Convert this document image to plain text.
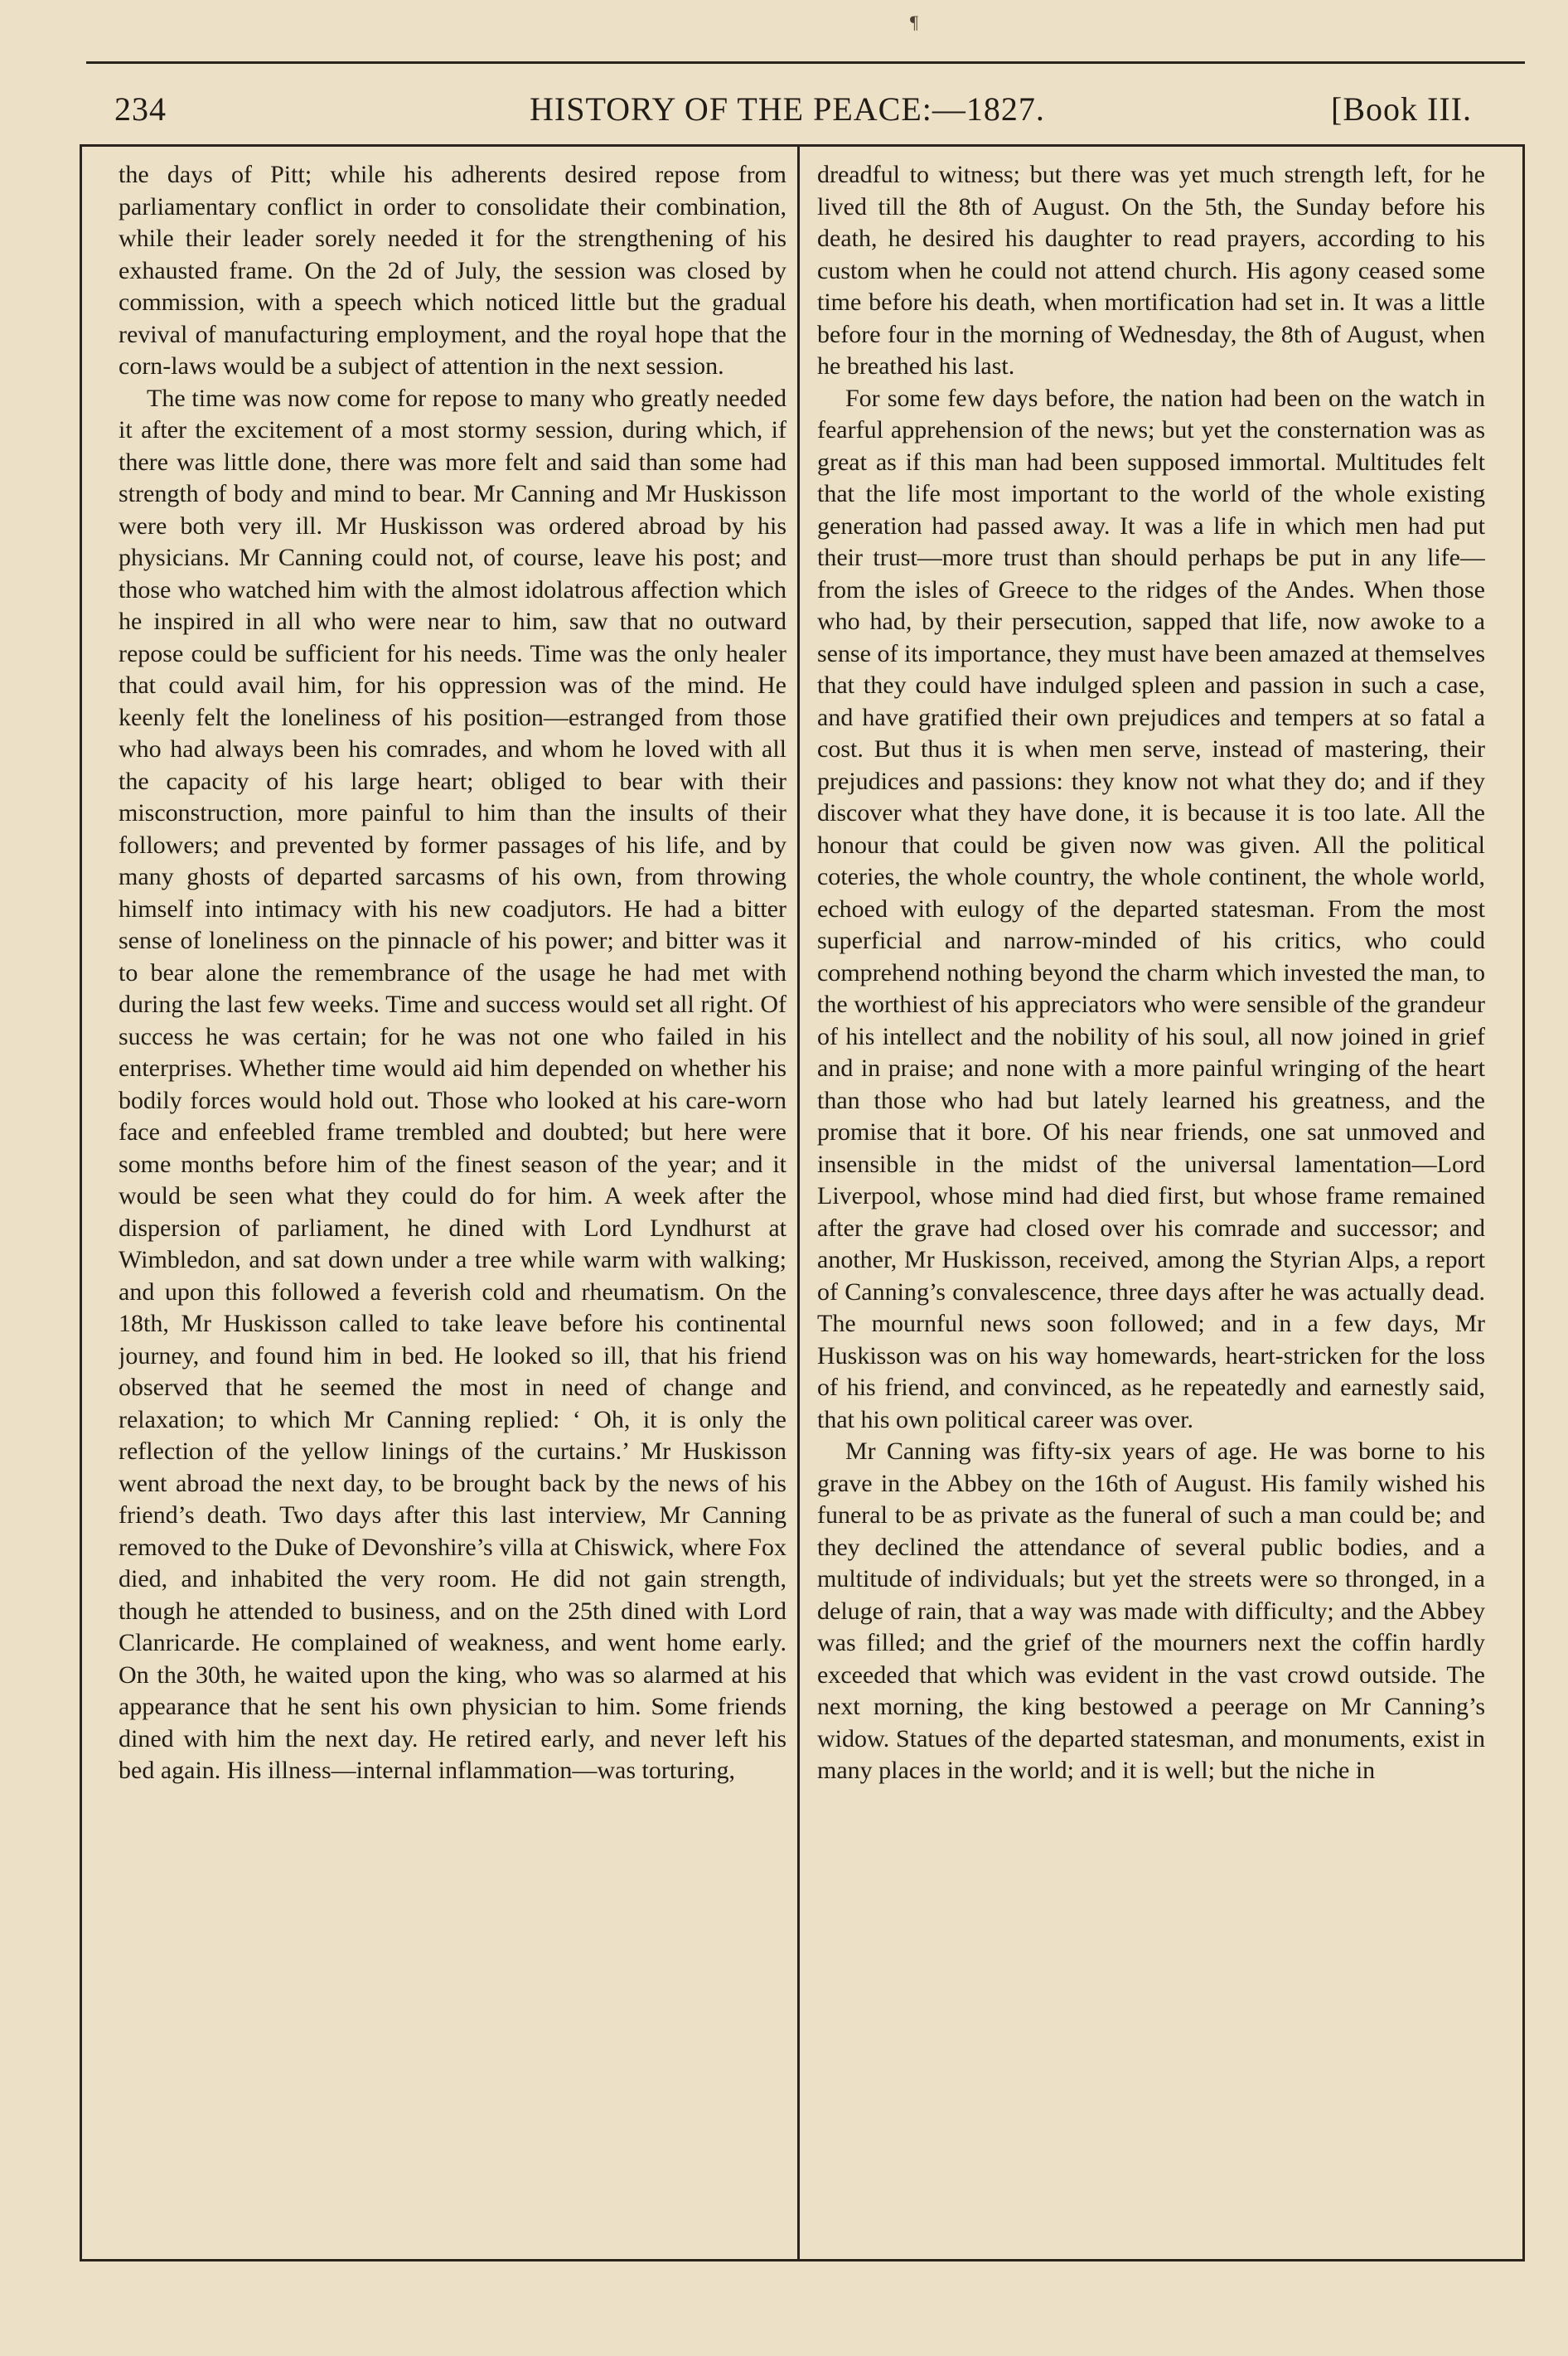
¶
234	HISTORY OF THE PEACE:—1827.	[Book III.

the days of Pitt; while his adherents desired repose from parliamentary conflict in order to consolidate their combination, while their leader sorely needed it for the strengthening of his exhausted frame. On the 2d of July, the session was closed by commission, with a speech which noticed little but the gradual revival of manufacturing employment, and the royal hope that the corn-laws would be a subject of attention in the next session.

The time was now come for repose to many who greatly needed it after the excitement of a most stormy session, during which, if there was little done, there was more felt and said than some had strength of body and mind to bear. Mr Canning and Mr Huskisson were both very ill. Mr Huskisson was ordered abroad by his physicians. Mr Canning could not, of course, leave his post; and those who watched him with the almost idolatrous affection which he inspired in all who were near to him, saw that no outward repose could be sufficient for his needs. Time was the only healer that could avail him, for his oppression was of the mind. He keenly felt the loneliness of his position—estranged from those who had always been his comrades, and whom he loved with all the capacity of his large heart; obliged to bear with their misconstruction, more painful to him than the insults of their followers; and prevented by former passages of his life, and by many ghosts of departed sarcasms of his own, from throwing himself into intimacy with his new coadjutors. He had a bitter sense of loneliness on the pinnacle of his power; and bitter was it to bear alone the remembrance of the usage he had met with during the last few weeks. Time and success would set all right. Of success he was certain; for he was not one who failed in his enterprises. Whether time would aid him depended on whether his bodily forces would hold out. Those who looked at his care-worn face and enfeebled frame trembled and doubted; but here were some months before him of the finest season of the year; and it would be seen what they could do for him. A week after the dispersion of parliament, he dined with Lord Lyndhurst at Wimbledon, and sat down under a tree while warm with walking; and upon this followed a feverish cold and rheumatism. On the 18th, Mr Huskisson called to take leave before his continental journey, and found him in bed. He looked so ill, that his friend observed that he seemed the most in need of change and relaxation; to which Mr Canning replied: ‘ Oh, it is only the reflection of the yellow linings of the curtains.’ Mr Huskisson went abroad the next day, to be brought back by the news of his friend’s death. Two days after this last interview, Mr Canning removed to the Duke of Devonshire’s villa at Chiswick, where Fox died, and inhabited the very room. He did not gain strength, though he attended to business, and on the 25th dined with Lord Clanricarde. He complained of weakness, and went home early. On the 30th, he waited upon the king, who was so alarmed at his appearance that he sent his own physician to him. Some friends dined with him the next day. He retired early, and never left his bed again. His illness—internal inflammation—was torturing,

dreadful to witness; but there was yet much strength left, for he lived till the 8th of August. On the 5th, the Sunday before his death, he desired his daughter to read prayers, according to his custom when he could not attend church. His agony ceased some time before his death, when mortification had set in. It was a little before four in the morning of Wednesday, the 8th of August, when he breathed his last.

For some few days before, the nation had been on the watch in fearful apprehension of the news; but yet the consternation was as great as if this man had been supposed immortal. Multitudes felt that the life most important to the world of the whole existing generation had passed away. It was a life in which men had put their trust—more trust than should perhaps be put in any life—from the isles of Greece to the ridges of the Andes. When those who had, by their persecution, sapped that life, now awoke to a sense of its importance, they must have been amazed at themselves that they could have indulged spleen and passion in such a case, and have gratified their own prejudices and tempers at so fatal a cost. But thus it is when men serve, instead of mastering, their prejudices and passions: they know not what they do; and if they discover what they have done, it is because it is too late. All the honour that could be given now was given. All the political coteries, the whole country, the whole continent, the whole world, echoed with eulogy of the departed statesman. From the most superficial and narrow-minded of his critics, who could comprehend nothing beyond the charm which invested the man, to the worthiest of his appreciators who were sensible of the grandeur of his intellect and the nobility of his soul, all now joined in grief and in praise; and none with a more painful wringing of the heart than those who had but lately learned his greatness, and the promise that it bore. Of his near friends, one sat unmoved and insensible in the midst of the universal lamentation—Lord Liverpool, whose mind had died first, but whose frame remained after the grave had closed over his comrade and successor; and another, Mr Huskisson, received, among the Styrian Alps, a report of Canning’s convalescence, three days after he was actually dead. The mournful news soon followed; and in a few days, Mr Huskisson was on his way homewards, heart-stricken for the loss of his friend, and convinced, as he repeatedly and earnestly said, that his own political career was over.

Mr Canning was fifty-six years of age. He was borne to his grave in the Abbey on the 16th of August. His family wished his funeral to be as private as the funeral of such a man could be; and they declined the attendance of several public bodies, and a multitude of individuals; but yet the streets were so thronged, in a deluge of rain, that a way was made with difficulty; and the Abbey was filled; and the grief of the mourners next the coffin hardly exceeded that which was evident in the vast crowd outside. The next morning, the king bestowed a peerage on Mr Canning’s widow. Statues of the departed statesman, and monuments, exist in many places in the world; and it is well; but the niche in
